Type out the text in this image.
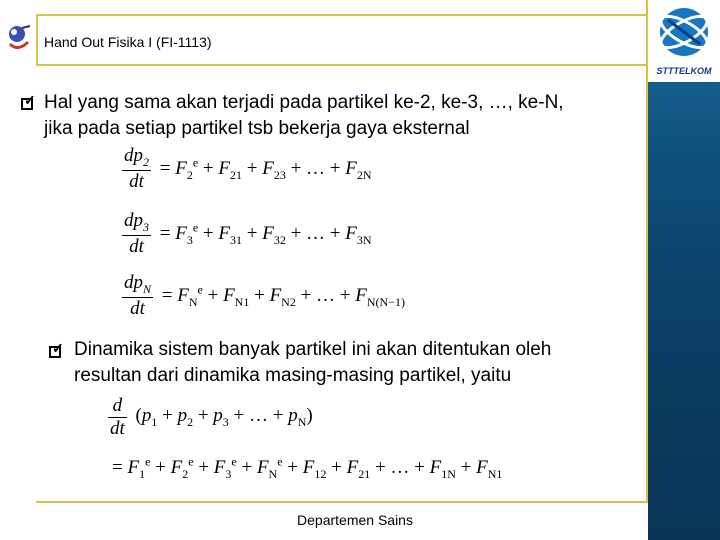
STTTELKOM
Hand Out Fisika I (FI-1113)
✓ Hal yang sama akan terjadi pada partikel ke-2, ke-3, …, ke-N,
jika pada setiap partikel tsb bekerja gaya eksternal
$\frac{dp_2}{dt} = F_2^e + F_{21} + F_{23}$ + … + $F_{2N}$
$\frac{dp_3}{dt} = F_3^e + F_{31} + F_{32}$ + … + $F_{3N}$
$\frac{dp_N}{dt} = F_N^e + F_{N1} + F_{N2}$ + … + $F_{N(N-1)}$
✓ Dinamika sistem banyak partikel ini akan ditentukan oleh
resultan dari dinamika masing-masing partikel, yaitu
$\frac{d}{dt} (p_1 + p_2 + p_3$ + … + $p_N$)
= $F_1^e + F_2^e + F_3^e + F_N^e + F_{12} + F_{21}$ + … + $F_{1N} + F_{N1}$
Departemen Sains
